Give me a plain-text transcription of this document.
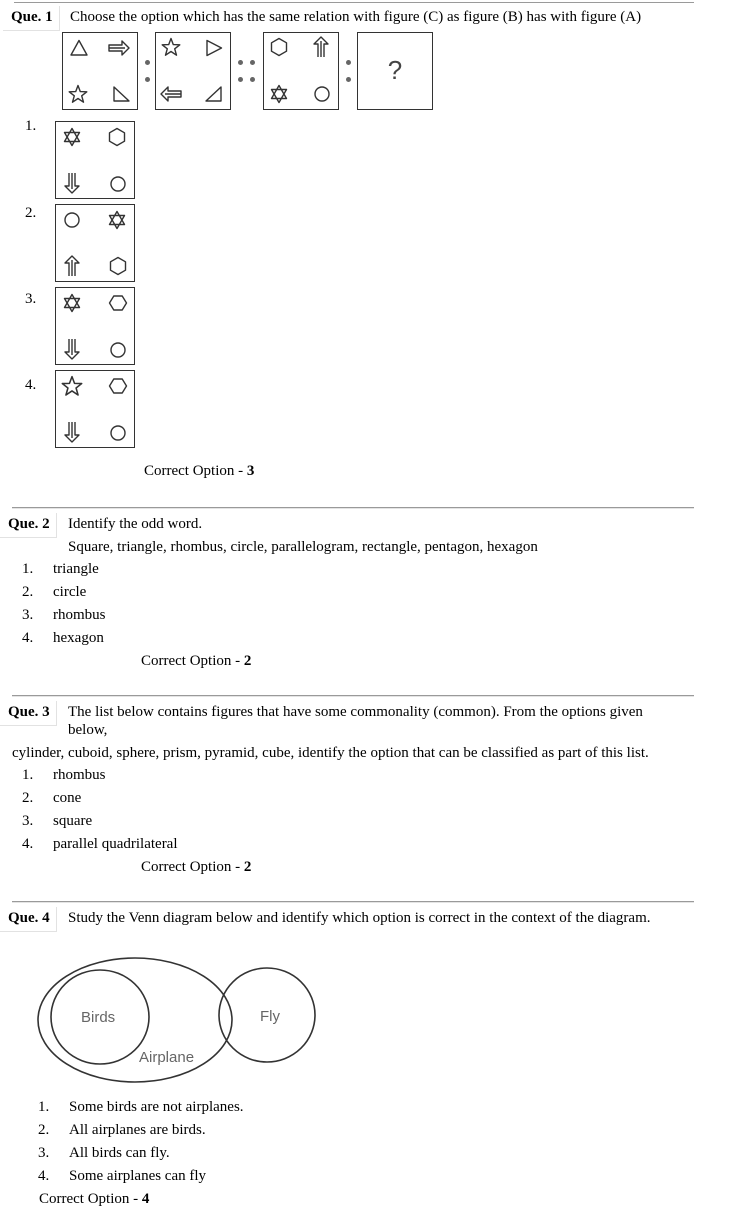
Que. 1	Choose the option which has the same relation with figure (C) as figure (B) has with figure (A)
?
1.
2.
3.
4.
Correct Option - 3
Que. 2	Identify the odd word.
Square, triangle, rhombus, circle, parallelogram, rectangle, pentagon, hexagon
1. triangle
2. circle
3. rhombus
4. hexagon
Correct Option - 2
Que. 3	The list below contains figures that have some commonality (common). From the options given
below,
cylinder, cuboid, sphere, prism, pyramid, cube, identify the option that can be classified as part of this list.
1. rhombus
2. cone
3. square
4. parallel quadrilateral
Correct Option - 2
Que. 4	Study the Venn diagram below and identify which option is correct in the context of the diagram.
Birds
Airplane
Fly
1. Some birds are not airplanes.
2. All airplanes are birds.
3. All birds can fly.
4. Some airplanes can fly
Correct Option - 4
